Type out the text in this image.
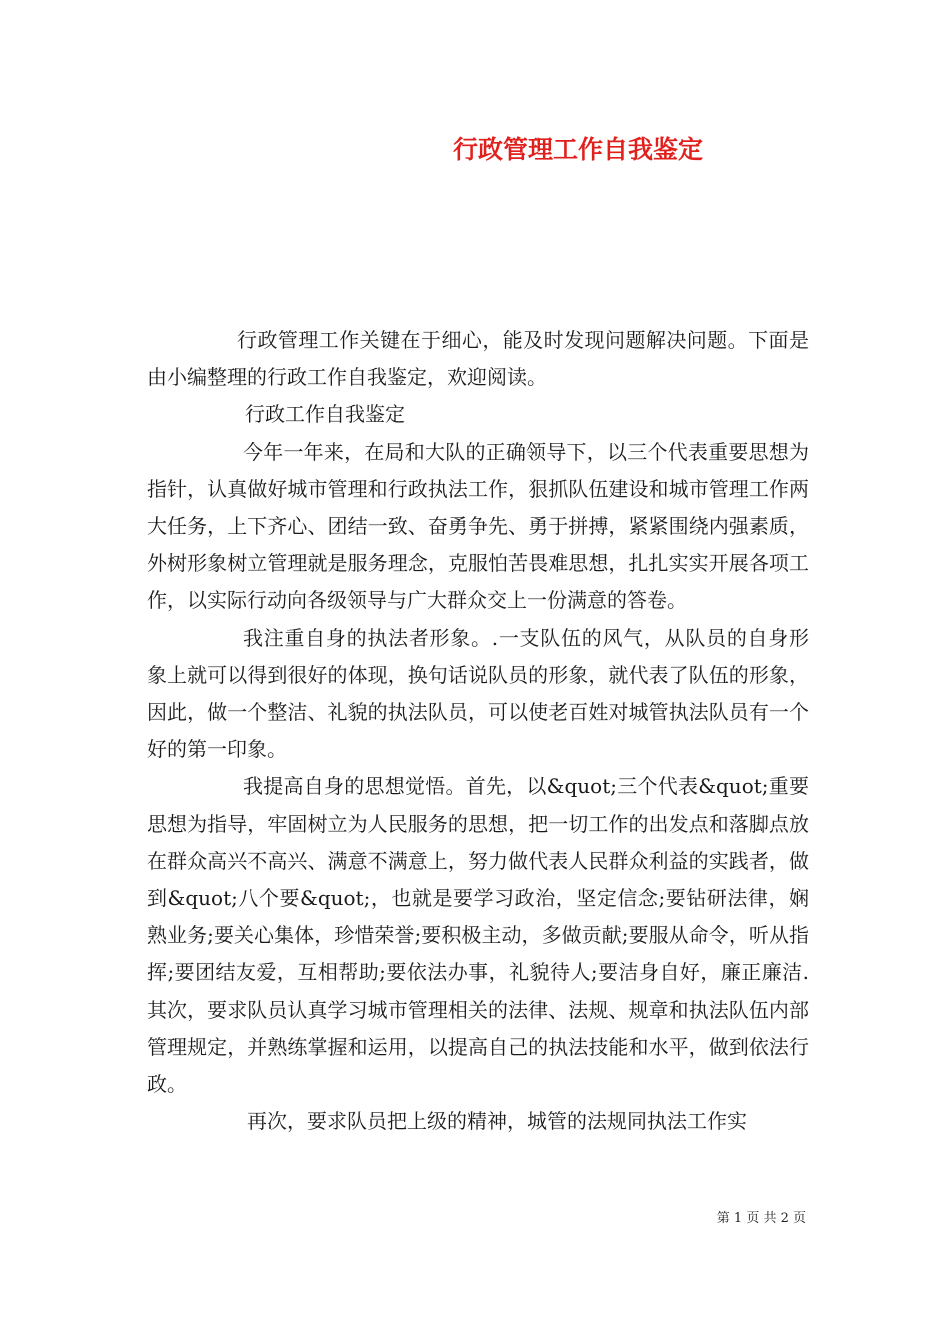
行政管理工作自我鉴定

行政管理工作关键在于细心，能及时发现问题解决问题。下面是由小编整理的行政工作自我鉴定，欢迎阅读。

行政工作自我鉴定

今年一年来，在局和大队的正确领导下，以三个代表重要思想为指针，认真做好城市管理和行政执法工作，狠抓队伍建设和城市管理工作两大任务，上下齐心、团结一致、奋勇争先、勇于拼搏，紧紧围绕内强素质，外树形象树立管理就是服务理念，克服怕苦畏难思想，扎扎实实开展各项工作，以实际行动向各级领导与广大群众交上一份满意的答卷。

我注重自身的执法者形象。.一支队伍的风气，从队员的自身形象上就可以得到很好的体现，换句话说队员的形象，就代表了队伍的形象，因此，做一个整洁、礼貌的执法队员，可以使老百姓对城管执法队员有一个好的第一印象。

我提高自身的思想觉悟。首先，以&quot;三个代表&quot;重要思想为指导，牢固树立为人民服务的思想，把一切工作的出发点和落脚点放在群众高兴不高兴、满意不满意上，努力做代表人民群众利益的实践者，做到&quot;八个要&quot;，也就是要学习政治，坚定信念;要钻研法律，娴熟业务;要关心集体，珍惜荣誉;要积极主动，多做贡献;要服从命令，听从指挥;要团结友爱，互相帮助;要依法办事，礼貌待人;要洁身自好，廉正廉洁.其次，要求队员认真学习城市管理相关的法律、法规、规章和执法队伍内部管理规定，并熟练掌握和运用，以提高自己的执法技能和水平，做到依法行政。

再次，要求队员把上级的精神，城管的法规同执法工作实

第 1 页 共 2 页
